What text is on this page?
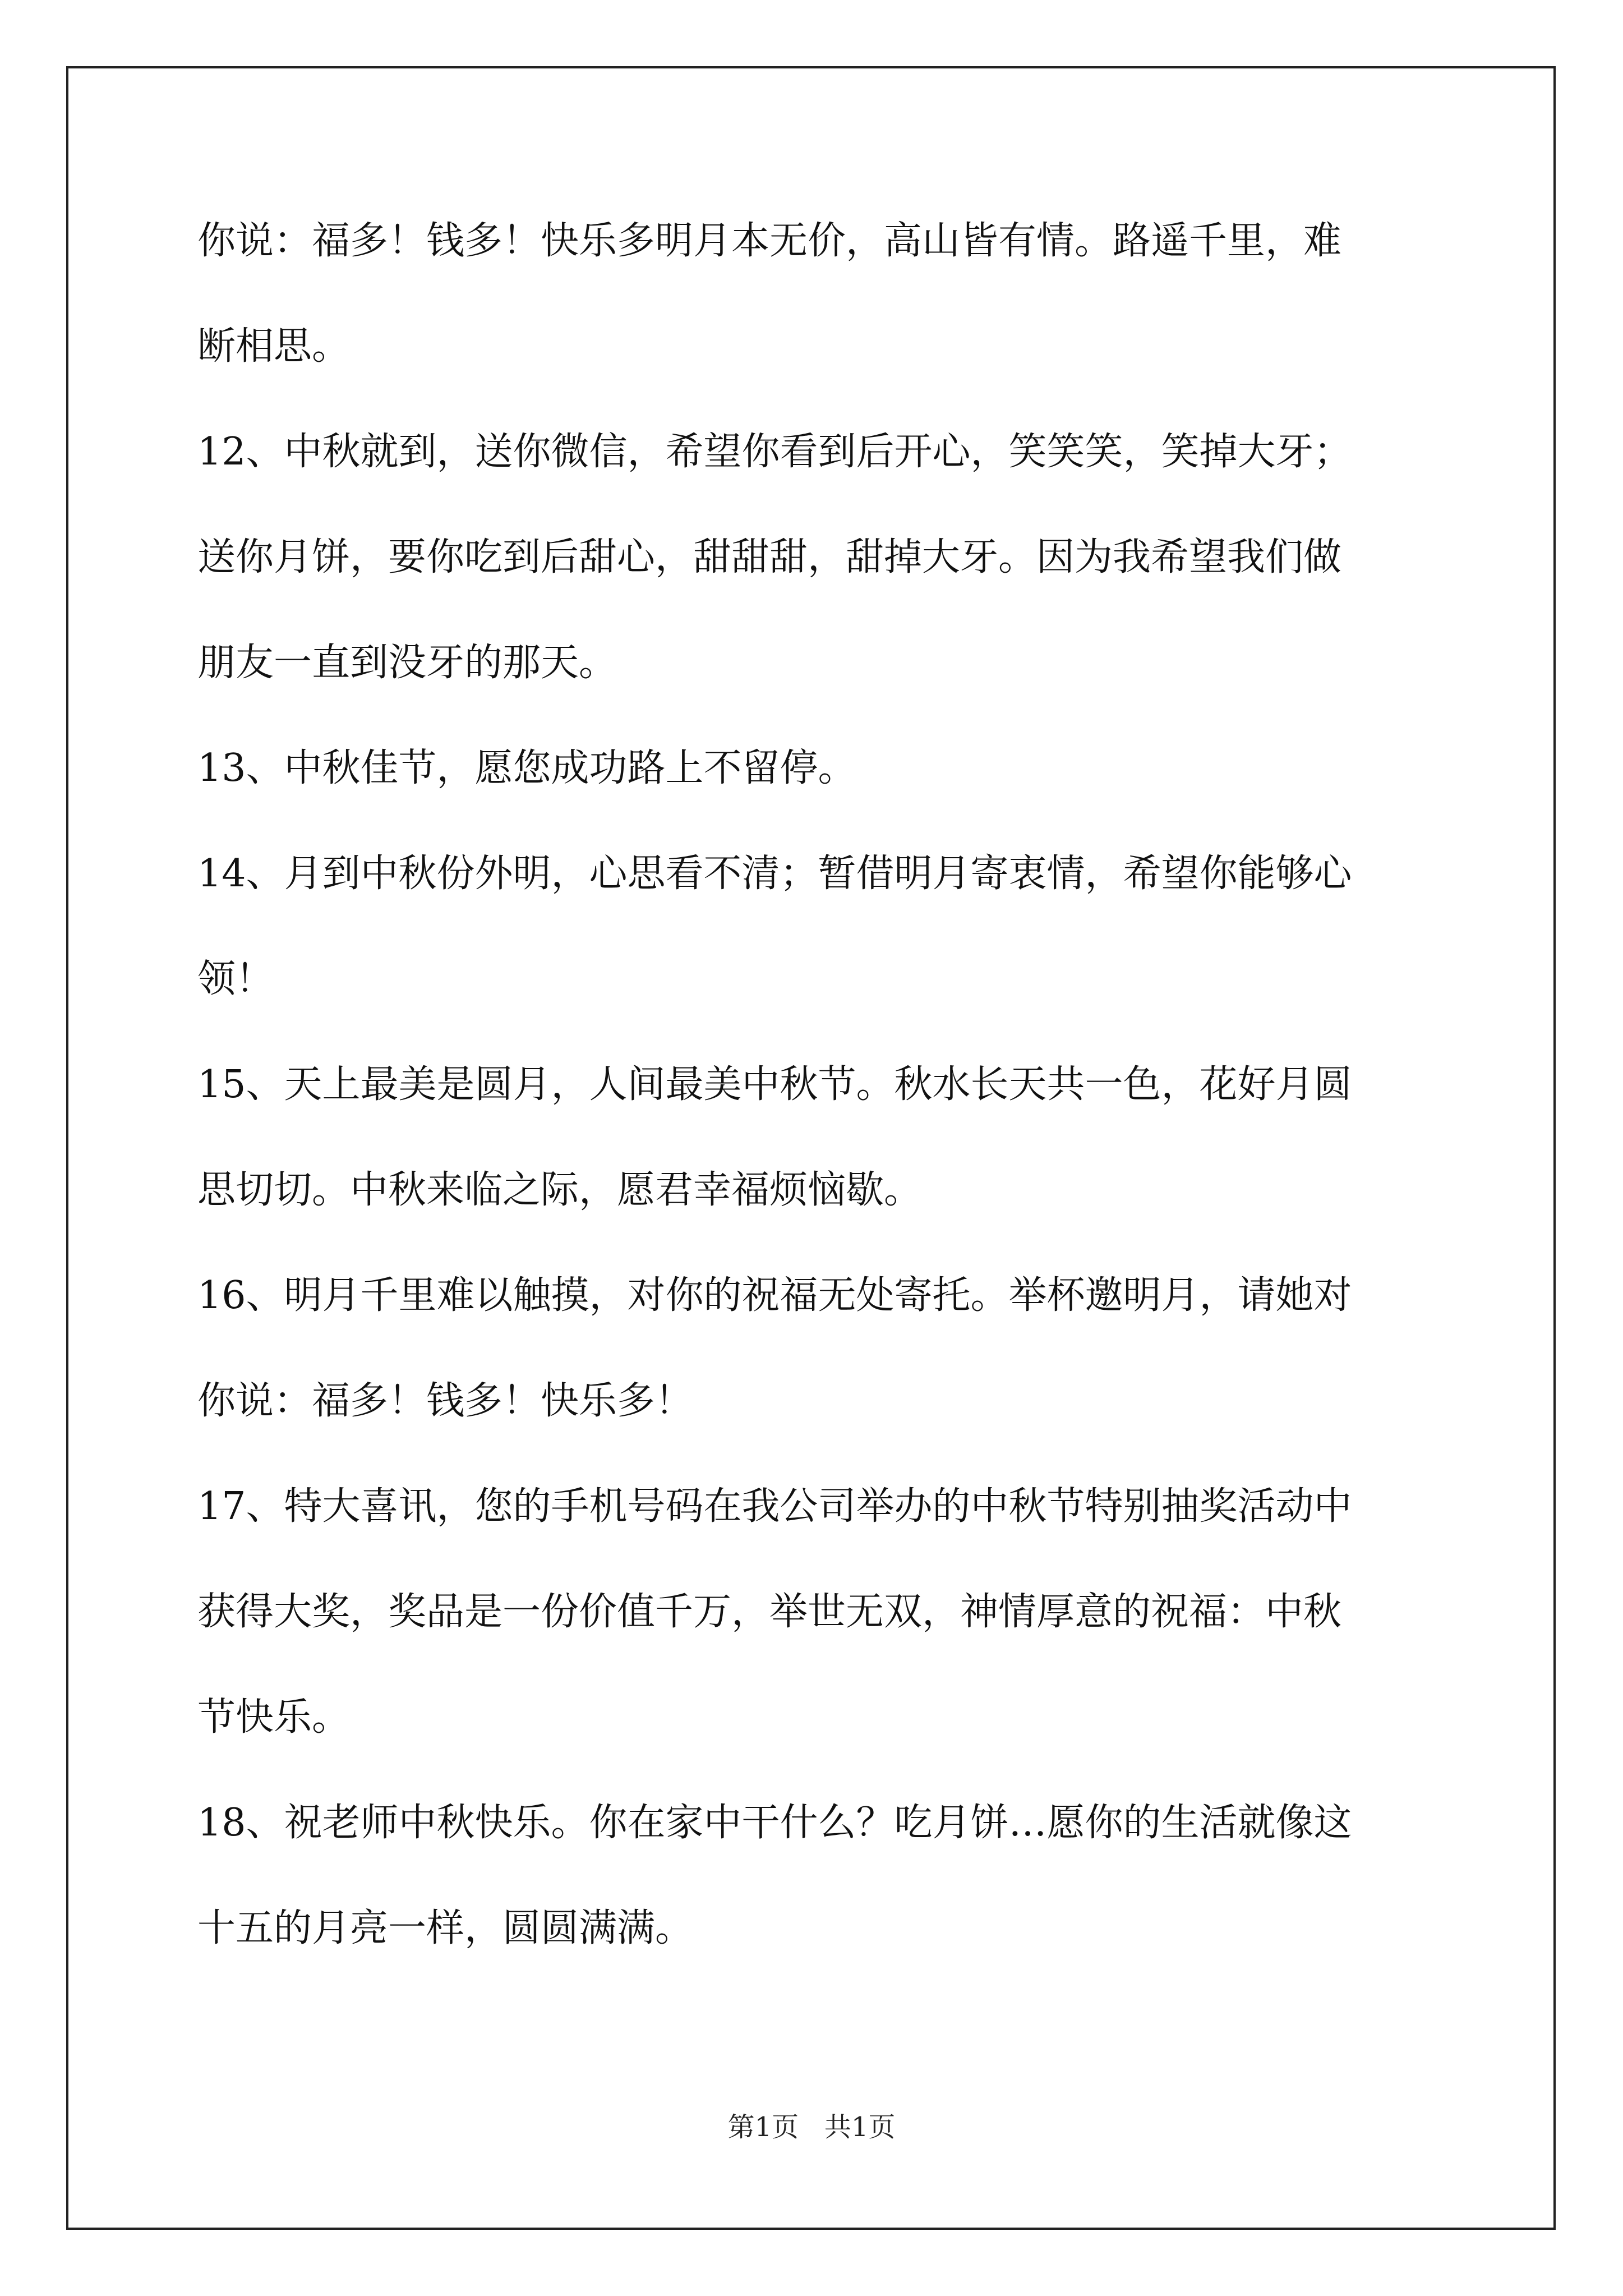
你说：福多！钱多！快乐多明月本无价，高山皆有情。路遥千里，难
断相思。
12、中秋就到，送你微信，希望你看到后开心，笑笑笑，笑掉大牙；
送你月饼，要你吃到后甜心，甜甜甜，甜掉大牙。因为我希望我们做
朋友一直到没牙的那天。
13、中秋佳节，愿您成功路上不留停。
14、月到中秋份外明，心思看不清；暂借明月寄衷情，希望你能够心
领！
15、天上最美是圆月，人间最美中秋节。秋水长天共一色，花好月圆
思切切。中秋来临之际，愿君幸福烦恼歇。
16、明月千里难以触摸，对你的祝福无处寄托。举杯邀明月，请她对
你说：福多！钱多！快乐多！
17、特大喜讯，您的手机号码在我公司举办的中秋节特别抽奖活动中
获得大奖，奖品是一份价值千万，举世无双，神情厚意的祝福：中秋
节快乐。
18、祝老师中秋快乐。你在家中干什么？吃月饼…愿你的生活就像这
十五的月亮一样，圆圆满满。
第1页   共1页
